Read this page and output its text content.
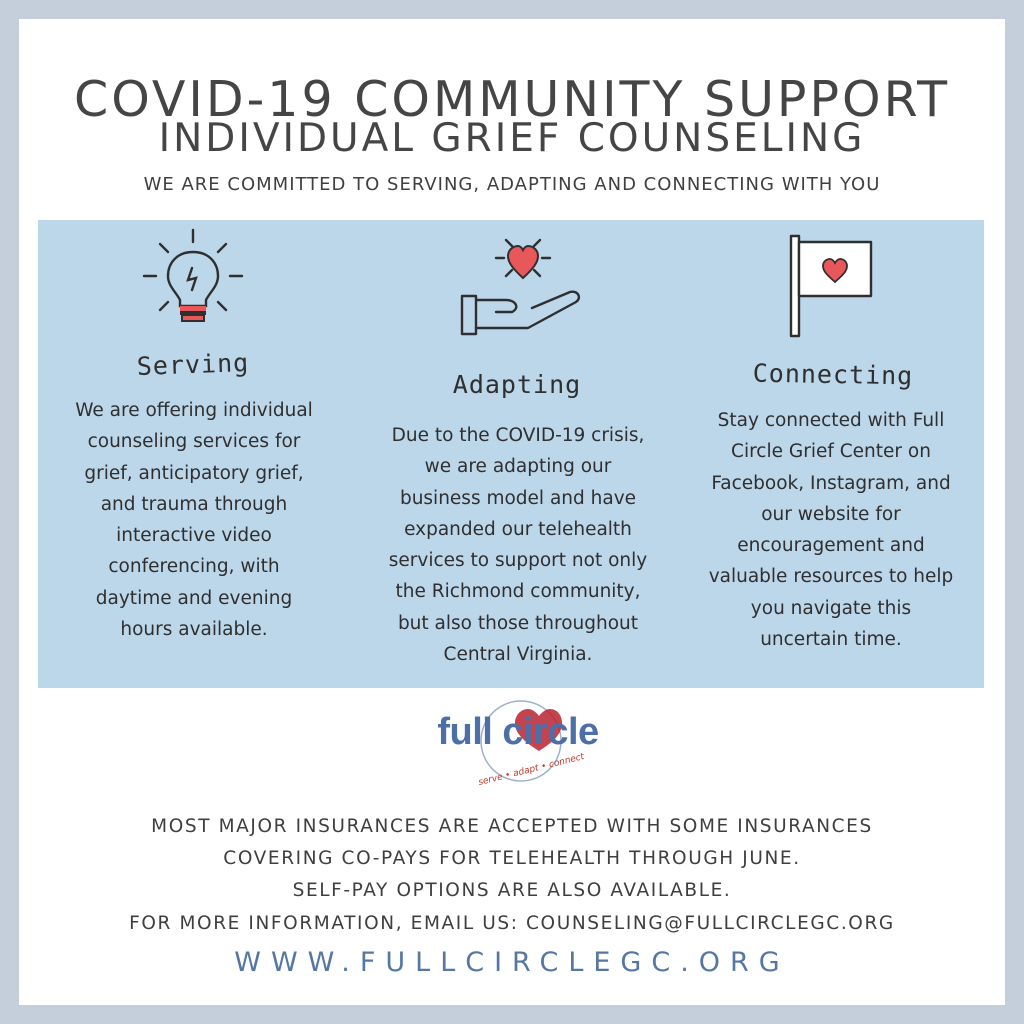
COVID-19 COMMUNITY SUPPORT
INDIVIDUAL GRIEF COUNSELING
WE ARE COMMITTED TO SERVING, ADAPTING AND CONNECTING WITH YOU
Serving
We are offering individual
counseling services for
grief, anticipatory grief,
and trauma through
interactive video
conferencing, with
daytime and evening
hours available.
Adapting
Due to the COVID-19 crisis,
we are adapting our
business model and have
expanded our telehealth
services to support not only
the Richmond community,
but also those throughout
Central Virginia.
Connecting
Stay connected with Full
Circle Grief Center on
Facebook, Instagram, and
our website for
encouragement and
valuable resources to help
you navigate this
uncertain time.
full circle
serve • adapt • connect
MOST MAJOR INSURANCES ARE ACCEPTED WITH SOME INSURANCES
COVERING CO-PAYS FOR TELEHEALTH THROUGH JUNE.
SELF-PAY OPTIONS ARE ALSO AVAILABLE.
FOR MORE INFORMATION, EMAIL US: COUNSELING@FULLCIRCLEGC.ORG
WWW.FULLCIRCLEGC.ORG
